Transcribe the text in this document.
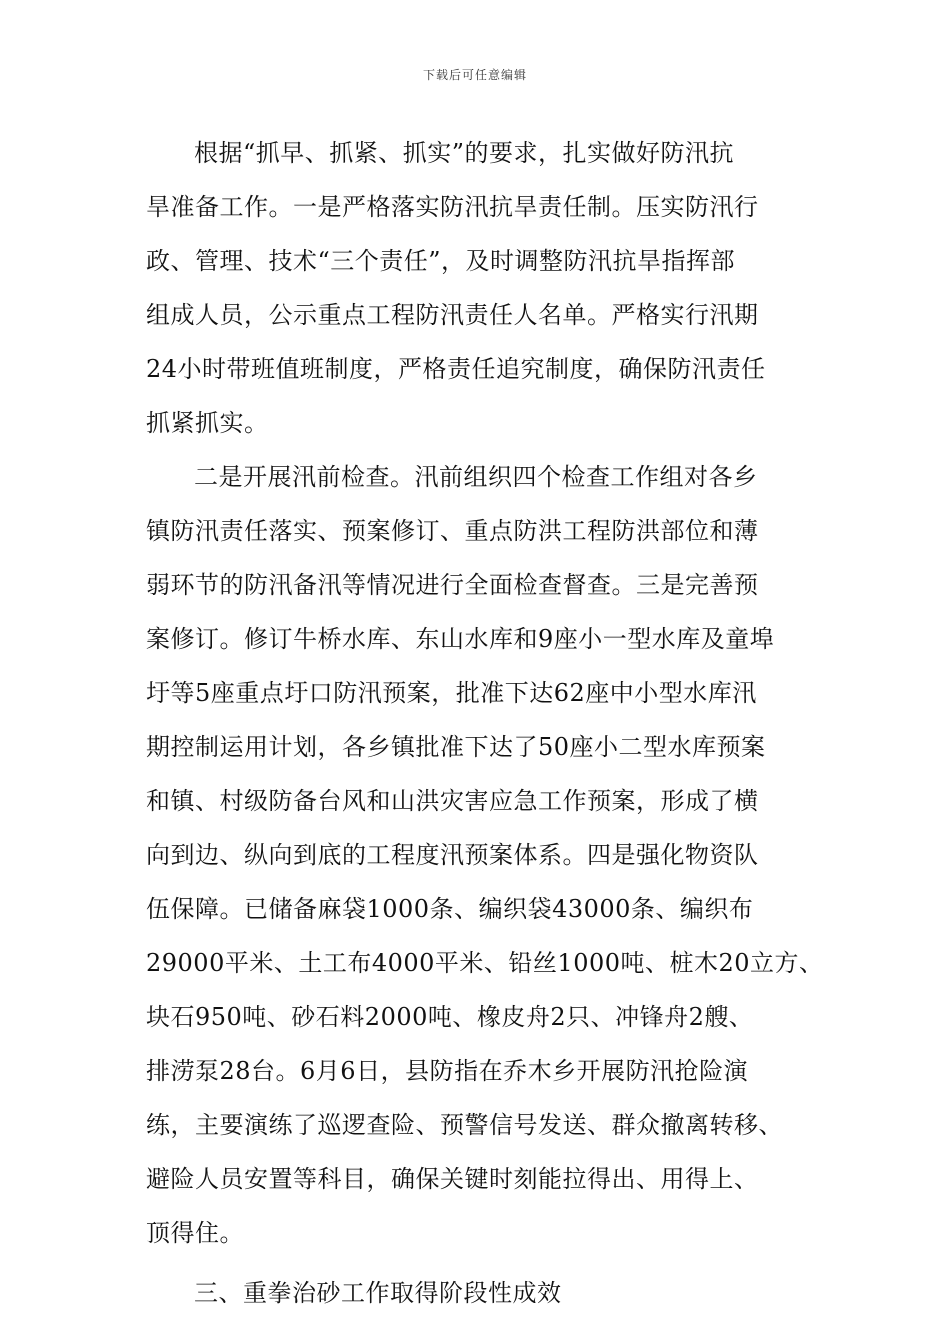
下载后可任意编辑
根据“抓早、抓紧、抓实”的要求，扎实做好防汛抗
旱准备工作。一是严格落实防汛抗旱责任制。压实防汛行
政、管理、技术“三个责任”，及时调整防汛抗旱指挥部
组成人员，公示重点工程防汛责任人名单。严格实行汛期
24小时带班值班制度，严格责任追究制度，确保防汛责任
抓紧抓实。
二是开展汛前检查。汛前组织四个检查工作组对各乡
镇防汛责任落实、预案修订、重点防洪工程防洪部位和薄
弱环节的防汛备汛等情况进行全面检查督查。三是完善预
案修订。修订牛桥水库、东山水库和9座小一型水库及童埠
圩等5座重点圩口防汛预案，批准下达62座中小型水库汛
期控制运用计划，各乡镇批准下达了50座小二型水库预案
和镇、村级防备台风和山洪灾害应急工作预案，形成了横
向到边、纵向到底的工程度汛预案体系。四是强化物资队
伍保障。已储备麻袋1000条、编织袋43000条、编织布
29000平米、土工布4000平米、铅丝1000吨、桩木20立方、
块石950吨、砂石料2000吨、橡皮舟2只、冲锋舟2艘、
排涝泵28台。6月6日，县防指在乔木乡开展防汛抢险演
练，主要演练了巡逻查险、预警信号发送、群众撤离转移、
避险人员安置等科目，确保关键时刻能拉得出、用得上、
顶得住。
三、重拳治砂工作取得阶段性成效
